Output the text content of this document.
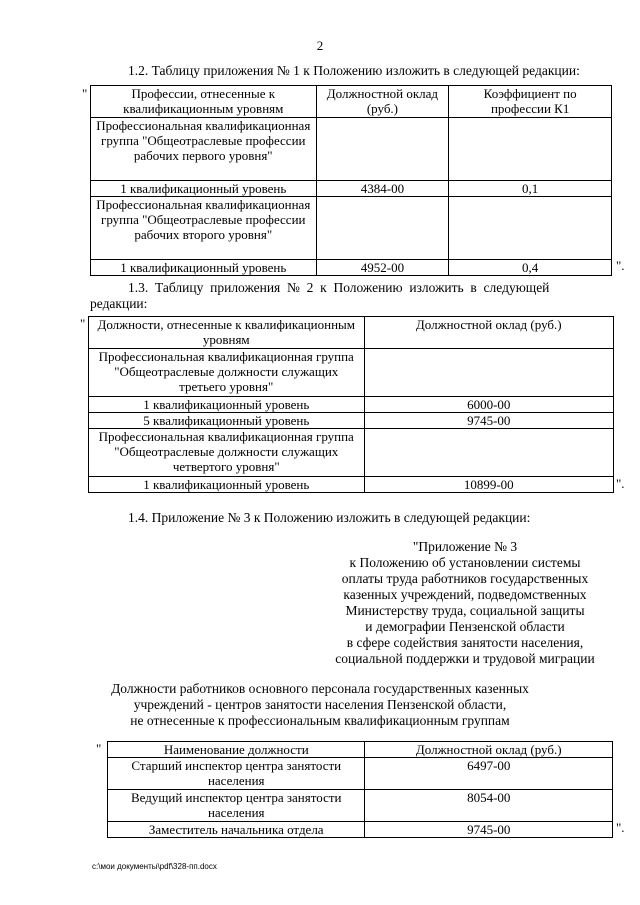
2
1.2. Таблицу приложения № 1 к Положению изложить в следующей редакции:
"	Профессии, отнесенные к квалификационным уровням	Должностной оклад (руб.)	Коэффициент по профессии К1
Профессиональная квалификационная группа "Общеотраслевые профессии рабочих первого уровня"		
1 квалификационный уровень	4384-00	0,1
Профессиональная квалификационная группа "Общеотраслевые профессии рабочих второго уровня"		
1 квалификационный уровень	4952-00	0,4	".
1.3.  Таблицу  приложения  №  2  к  Положению  изложить  в  следующей
редакции:
" Должности, отнесенные к квалификационным уровням	Должностной оклад (руб.)
Профессиональная квалификационная группа "Общеотраслевые должности служащих третьего уровня"	
1 квалификационный уровень	6000-00
5 квалификационный уровень	9745-00
Профессиональная квалификационная группа "Общеотраслевые должности служащих четвертого уровня"	
1 квалификационный уровень	10899-00	".
1.4. Приложение № 3 к Положению изложить в следующей редакции:
"Приложение № 3
к Положению об установлении системы
оплаты труда работников государственных
казенных учреждений, подведомственных
Министерству труда, социальной защиты
и демографии Пензенской области
в сфере содействия занятости населения,
социальной поддержки и трудовой миграции
Должности работников основного персонала государственных казенных
учреждений - центров занятости населения Пензенской области,
не отнесенные к профессиональным квалификационным группам
"	Наименование должности	Должностной оклад (руб.)
Старший инспектор центра занятости населения	6497-00
Ведущий инспектор центра занятости населения	8054-00
Заместитель начальника отдела	9745-00	".
c:\мои документы\pdf\328-пп.docx
